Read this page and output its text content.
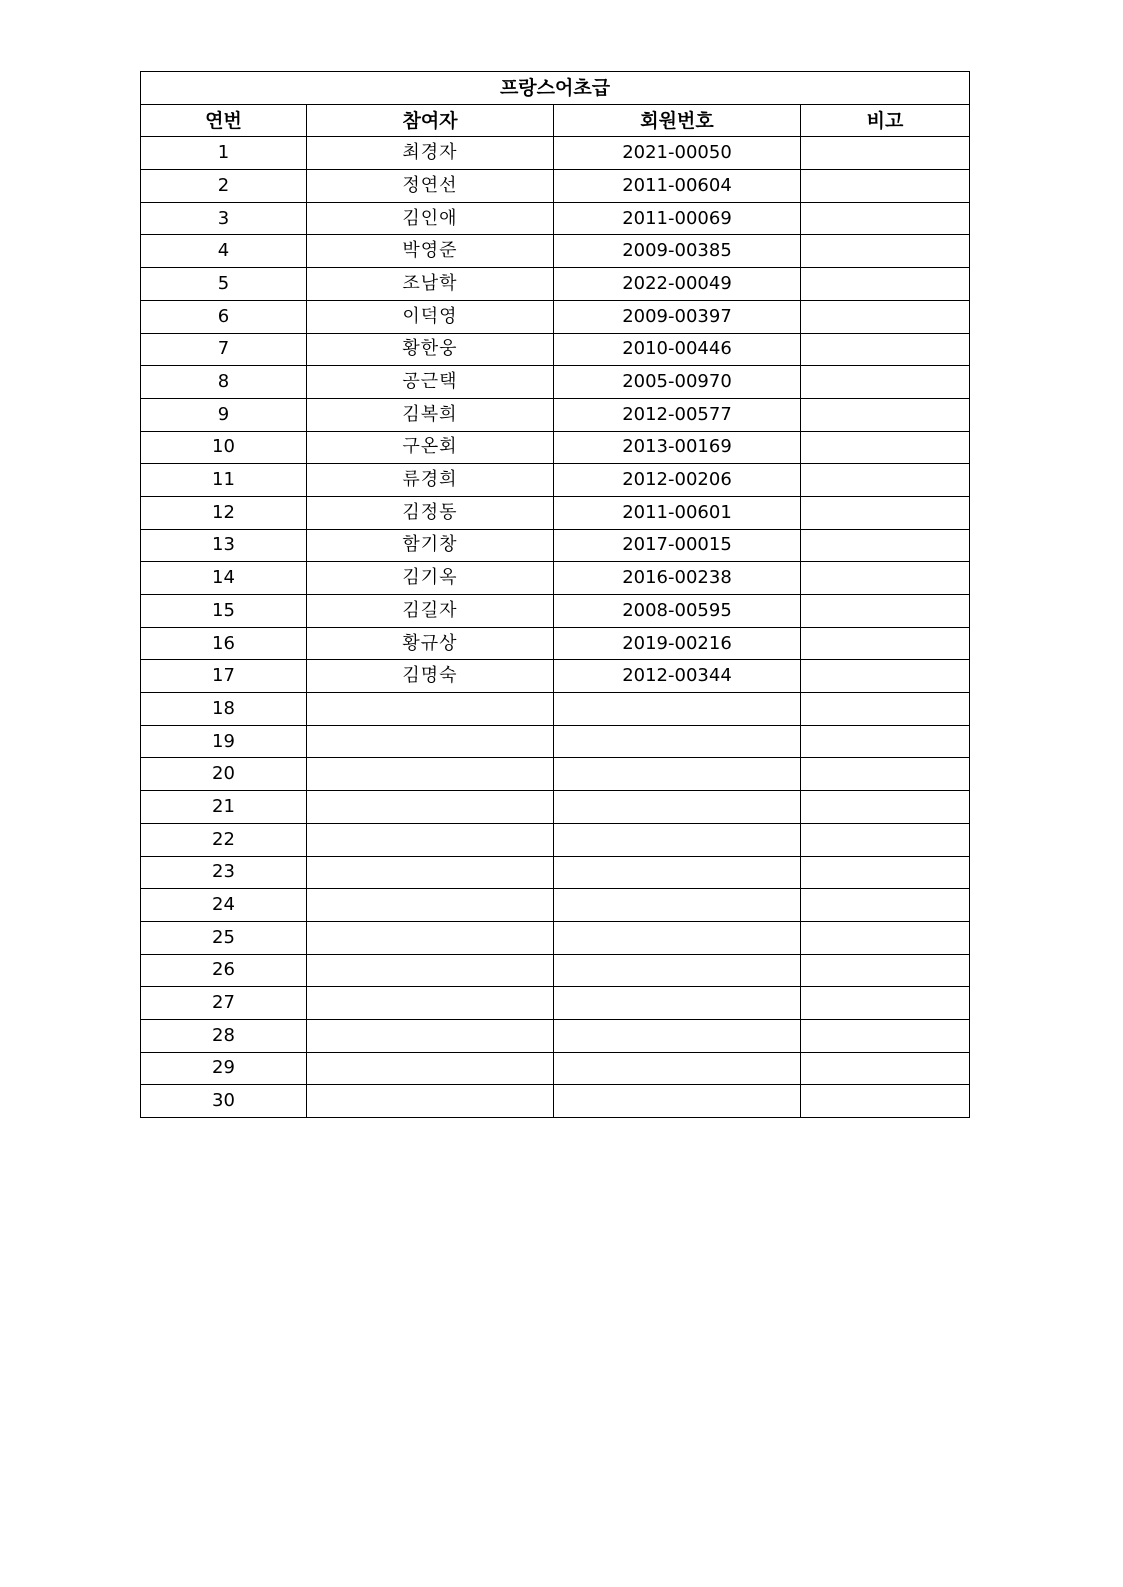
프랑스어초급			
연번	참여자	회원번호	비고
1	최경자	2021-00050	
2	정연선	2011-00604	
3	김인애	2011-00069	
4	박영준	2009-00385	
5	조남학	2022-00049	
6	이덕영	2009-00397	
7	황한웅	2010-00446	
8	공근택	2005-00970	
9	김복희	2012-00577	
10	구온회	2013-00169	
11	류경희	2012-00206	
12	김정동	2011-00601	
13	함기창	2017-00015	
14	김기옥	2016-00238	
15	김길자	2008-00595	
16	황규상	2019-00216	
17	김명숙	2012-00344	
18			
19			
20			
21			
22			
23			
24			
25			
26			
27			
28			
29			
30			
